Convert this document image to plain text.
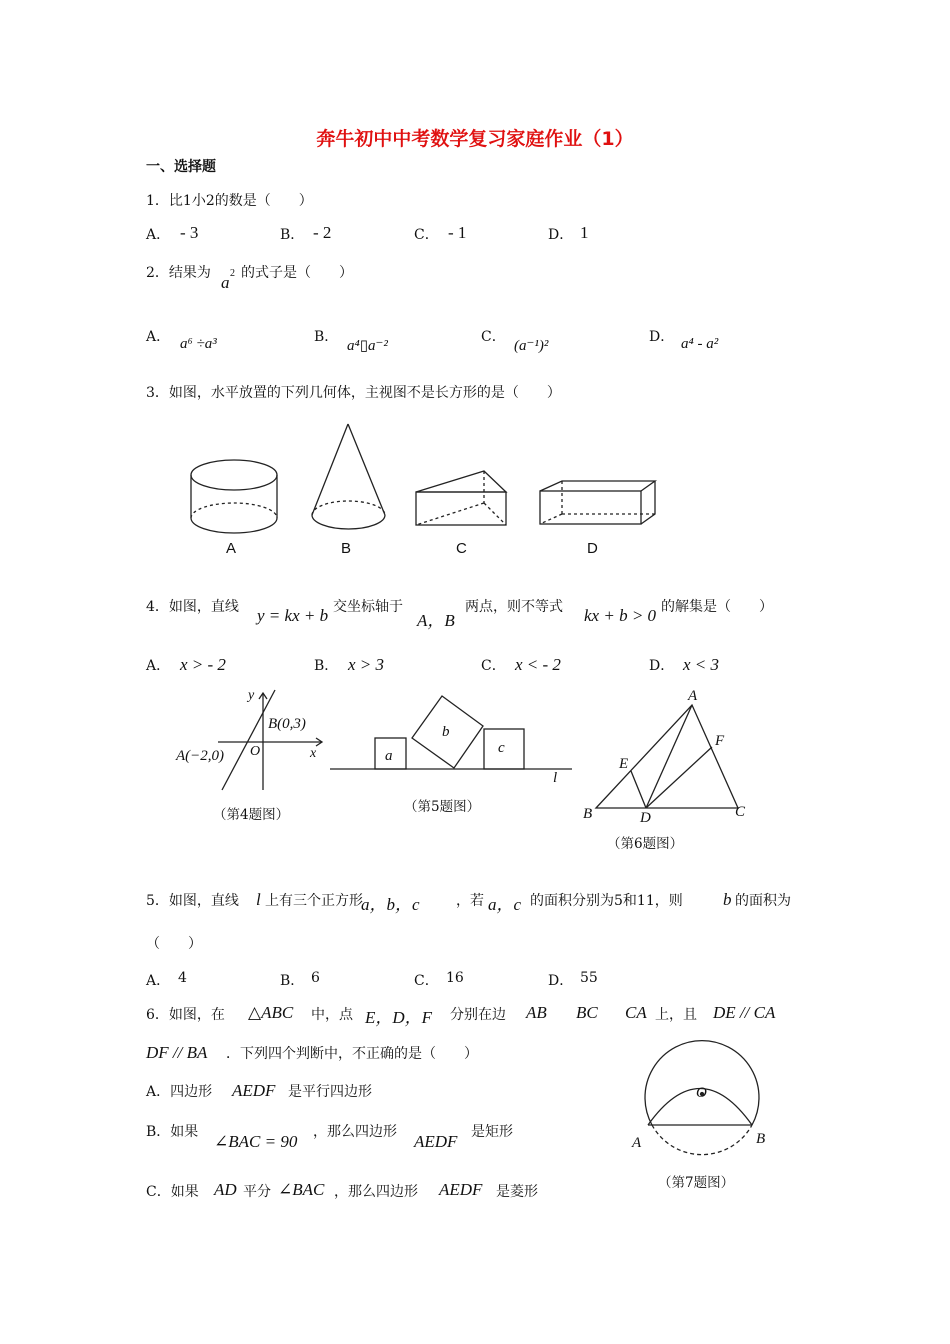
奔牛初中中考数学复习家庭作业（1）
一、选择题
1．比1小2的数是（　　）
A． - 3	B． - 2	C． - 1	D． 1
2．结果为 a 2 的式子是（　　）
A． a⁶ ÷a³	B．
a⁴▯a⁻²
C．
(a⁻¹)²
D． a⁴ - a²
3．如图，水平放置的下列几何体，主视图不是长方形的是（　　）
A	B	C	D
4．如图，直线 y = kx + b 交坐标轴于
A，B
两点，则不等式 kx + b > 0 的解集是（　　）
A． x > - 2	B． x > 3	C． x < - 2	D． x < 3
A(−2,0)
B(0,3)
O	x
y
（第4题图）
a
b
c
l
（第5题图）
A
B	C
D
E
F
（第6题图）
5．如图，直线 l 上有三个正方形
a，b，c	，若 a，c 的面积分别为5和11，则 b 的面积为
（　　）
A． 4	B． 6	C． 16	D． 55
6．如图，在 △ABC 中，点 E，D，F 分别在边 AB BC CA 上，且 DE // CA
DF // BA ．下列四个判断中，不正确的是（　　）
A．四边形 AEDF 是平行四边形
B．如果 ∠BAC = 90 ，那么四边形 AEDF 是矩形
C．如果 AD 平分 ∠BAC ，那么四边形 AEDF 是菱形
O
A	B
（第7题图）
